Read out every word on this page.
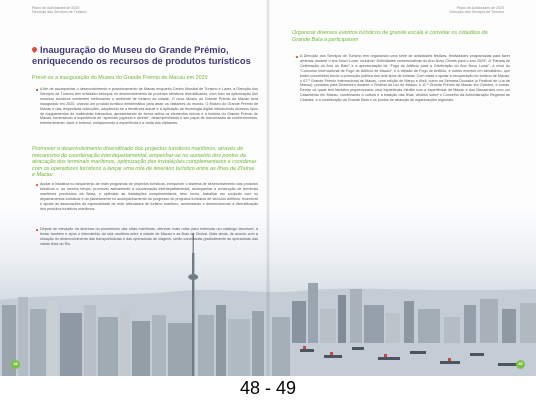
Plano de Actividades de 2020
Direcção dos Serviços de Turismo
Inauguração do Museu do Grande Prémio, enriquecendo os recursos de produtos turísticos
Prevê-se a inauguração do Museu do Grande Prémio de Macau em 2020
A fim de acompanhar o desenvolvimento e posicionamento de Macau enquanto Centro Mundial de Turismo e Lazer, a Direcção dos Serviços de Turismo tem envidado esforços no desenvolvimento de produtos turísticos diversificados, com foco na optimização dos recursos turísticos existentes melhorando o ambiente de turismo da cidade. O novo Museu do Grande Prémio de Macau será inaugurado em 2020, criando um produto turístico emblemático para atrair os visitantes do mundo. O Museu do Grande Prémio de Macau e das respectivas colecções, adoptando-se a tendência actual e a aplicação de tecnologia digital introduzindo diversos tipos de equipamentos de multimédia interactiva, apresentando de forma activa os elementos únicos e a história do Grande Prémio de Macau, fomentando a experiência de “aprender jogando e divertir”, desempenhando o seu papel de transmissão de conhecimentos, entretenimento, lazer e turismo, enriquecendo a experiência e a visita dos visitantes.
Promover o desenvolvimento diversificado dos projectos turísticos marítimos, através de mecanismo de coordenação interdepartamental, empenhar-se no aumento dos pontos de atracação dos terminais marítimos, optimização das instalações complementares e coordenar com os operadores turísticos a lançar uma rota de itinerário turístico entre as Ilhas de Zhuhai e Macau
Apoiar a iniciativa no lançamento de mais programas de projectos turísticos, enriquecer o sistema de desenvolvimento dos produtos turísticos e, ao mesmo tempo, promover activamente a coordenação interdepartamental, acompanhar a construção de terminais marítimos provisórios da Barra, e optimizar as instalações complementares, bem como, trabalhar em conjunto com os departamentos turísticos e do planeamento no acompanhamento do progresso do projectos turísticos de veículos anfíbios. Incentivar e apoiar as associações da especialidade de rede articulados de turismo marítimo, aumentando e desenvolvendo a diversificação dos produtos turísticos marítimos.
Depois de elevação da abertura do pioneirismo das rotas marítimas, oferecer mais rotas para estimular um catálogo favorável, a tentar também e após o intercâmbio da rota marítima entre a cidade de Macau e as ilhas de Zhuhai. Mais ainda, de acordo com a situação do desenvolvimento das transportadoras e das operadoras de viagens, serão conectadas gradualmente as operadoras das várias ilhas do Rio.
48
Plano de Actividades de 2020
Direcção dos Serviços de Turismo
Organizar diversos eventos turísticos de grande escala e convidar os cidadãos da Grande Baía a participarem
A Direcção dos Serviços de Turismo tem organizado uma série de actividades festivas, festividades programadas para fazer arrancar durante o ano Novo Lunar, incluindo “Actividades comemorativas do Ano Novo Chinês para o ano 2020”, a “Parada de Celebração do Ano do Rato” e a apresentação de “Fogo de Artifício para a Celebração do Ano Novo Lunar”, a nível do “Concurso Internacional de Fogo de Artifício de Macau”, e a difusão de Fogo de Artifício, e outros eventos em simultâneo, que foram concebidos tendo a promoção pública dos dois tipos de turistas. Com estas a apoiar a recuperação do turismo de Macau, o 67.º Grande Prémio Internacional de Macau, uma edição de Março e Abril, como na Semana Dourada (o Festival de Lua de Macau), produtos para Dezembro durante o Festival da Luz de Macau, o 11.º Grande Prémio de Macau em Outubro, e outras. Dentre os quais tem também proporcionado uma experiência inédita com a experiência de Macau e dos Macaenses com um Casamento em Macau, combinando a cultura e a tradição das Ilhas, destino sobre o Conselho da Administração Regional de Cidades, e a contribuição da Grande Baía e os pontos de atracção às organizações regionais.
49
48 - 49
